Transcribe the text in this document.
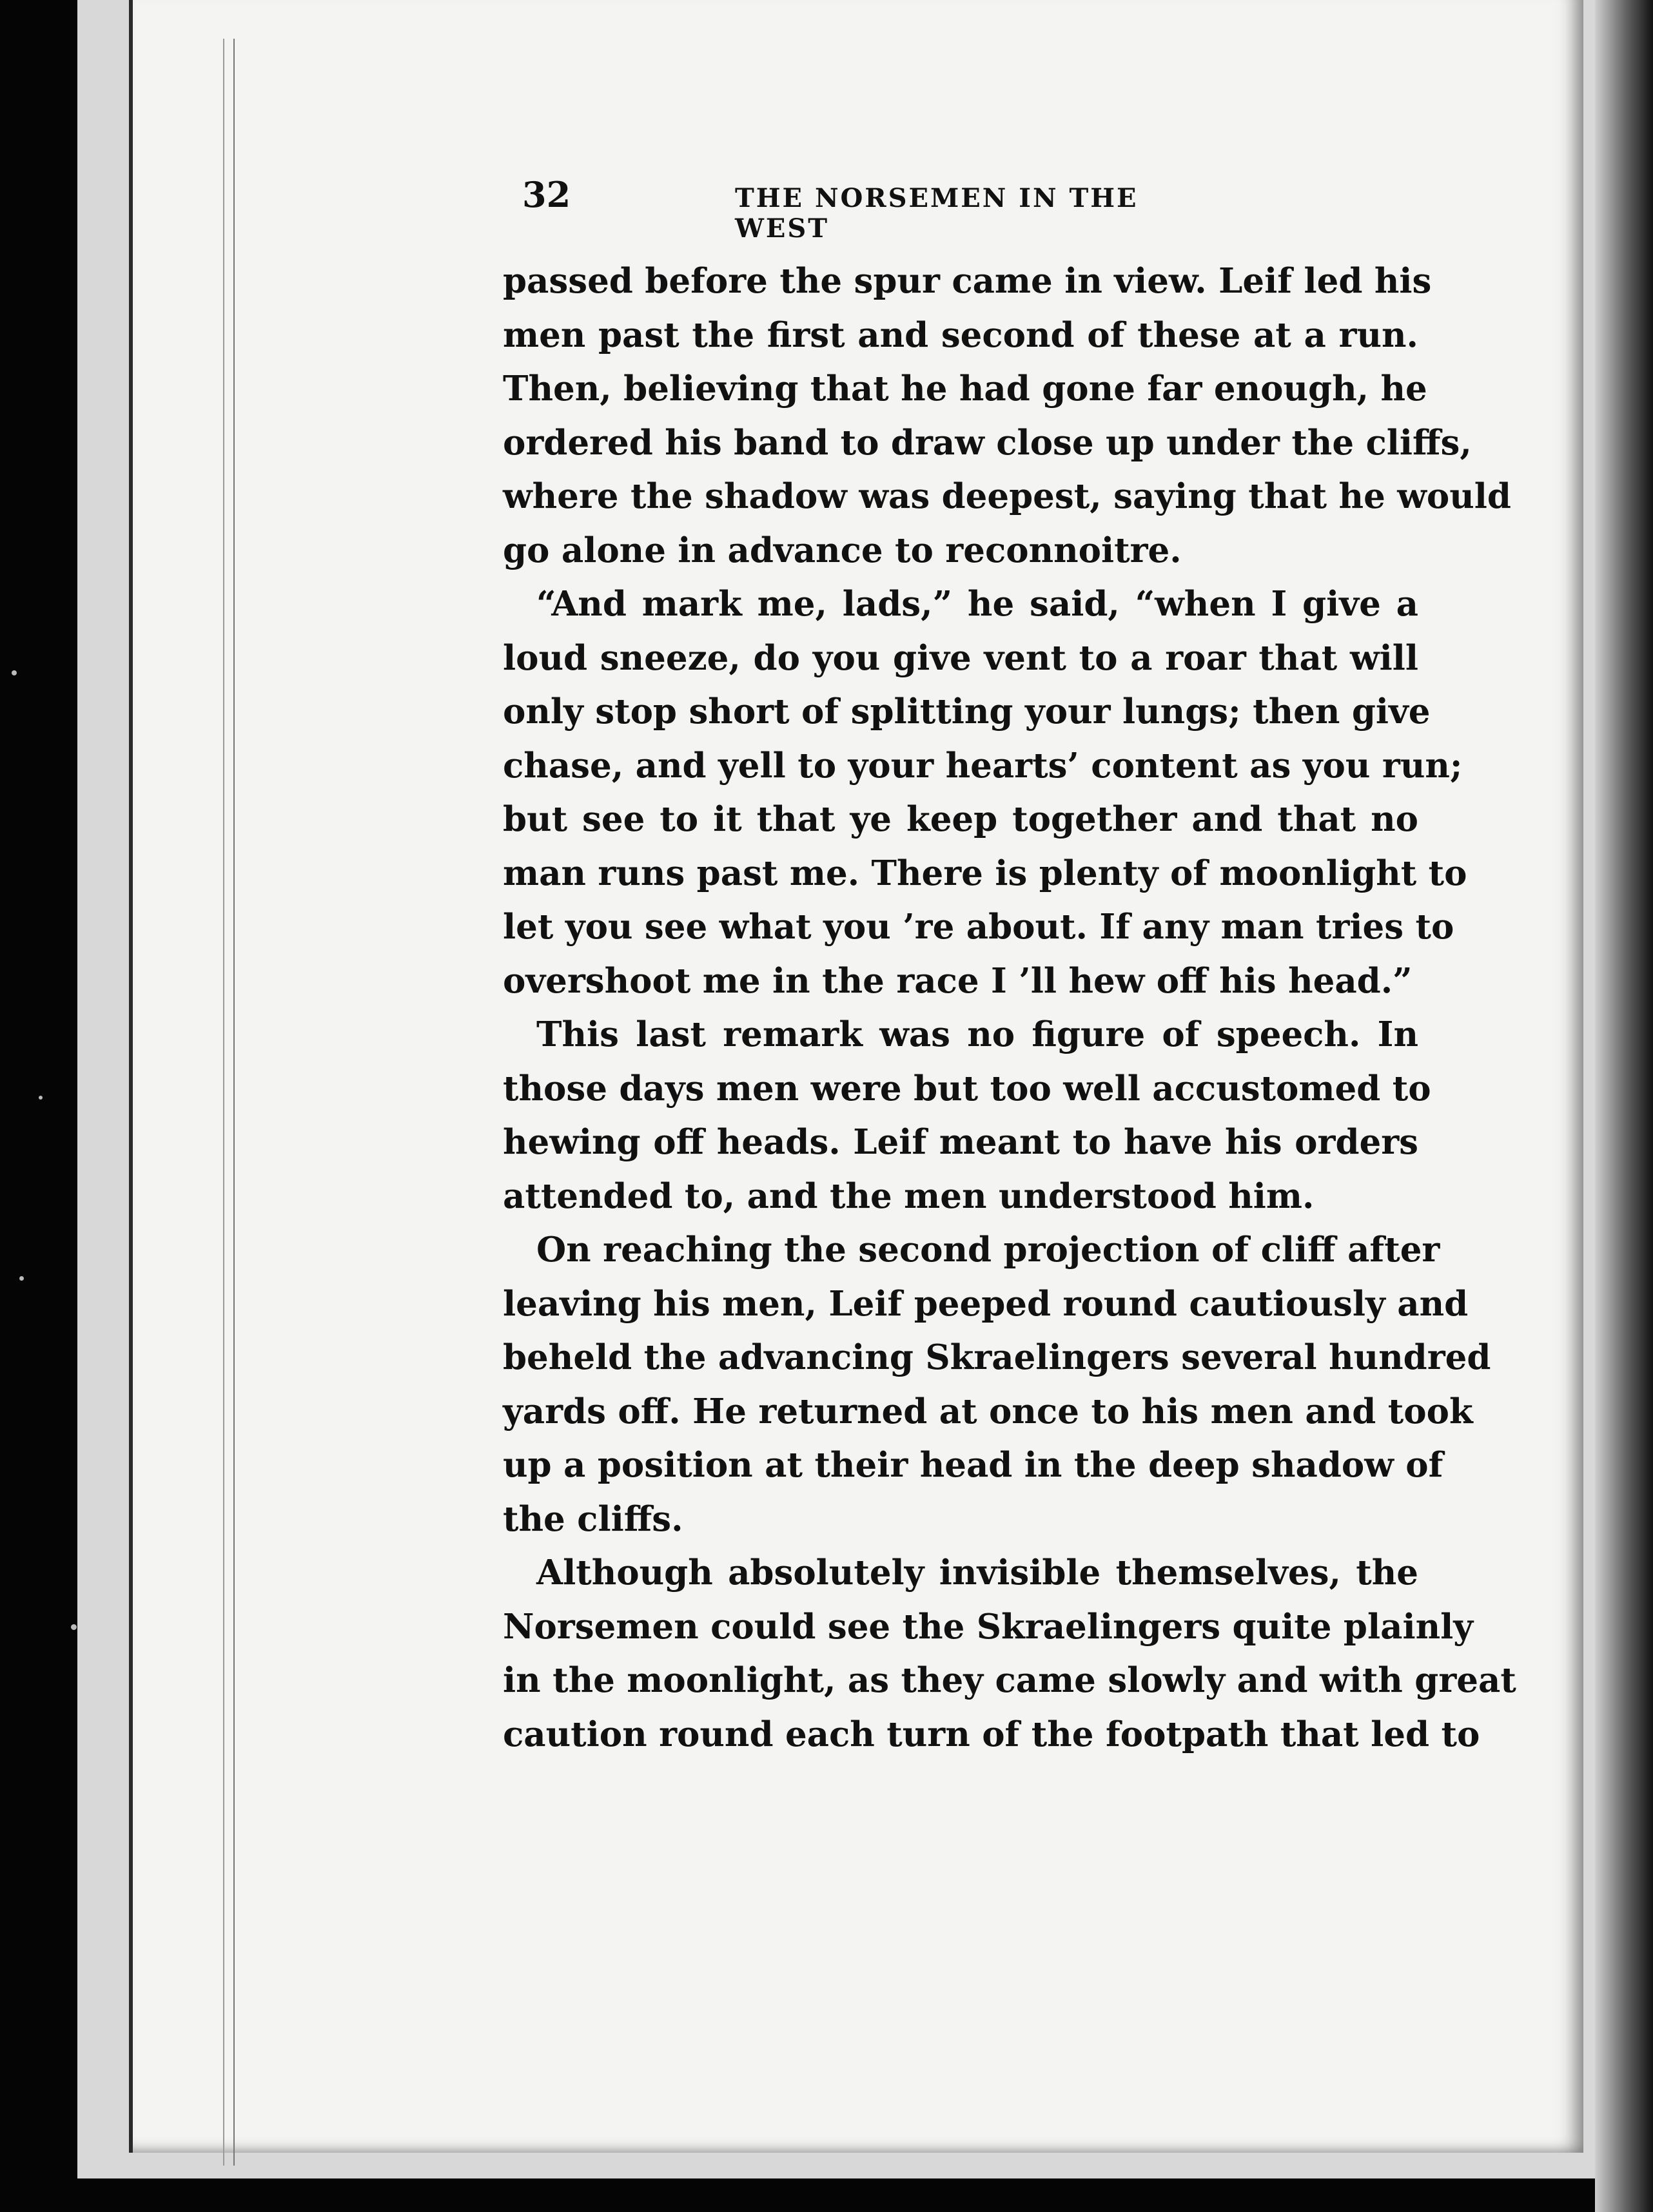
32	THE NORSEMEN IN THE WEST
passed before the spur came in view. Leif led his
men past the first and second of these at a run.
Then, believing that he had gone far enough, he
ordered his band to draw close up under the cliffs,
where the shadow was deepest, saying that he would
go alone in advance to reconnoitre.
“And mark me, lads,” he said, “when I give a
loud sneeze, do you give vent to a roar that will
only stop short of splitting your lungs; then give
chase, and yell to your hearts’ content as you run;
but see to it that ye keep together and that no
man runs past me. There is plenty of moonlight to
let you see what you ’re about. If any man tries to
overshoot me in the race I ’ll hew off his head.”
This last remark was no figure of speech. In
those days men were but too well accustomed to
hewing off heads. Leif meant to have his orders
attended to, and the men understood him.
On reaching the second projection of cliff after
leaving his men, Leif peeped round cautiously and
beheld the advancing Skraelingers several hundred
yards off. He returned at once to his men and took
up a position at their head in the deep shadow of
the cliffs.
Although absolutely invisible themselves, the
Norsemen could see the Skraelingers quite plainly
in the moonlight, as they came slowly and with great
caution round each turn of the footpath that led to
